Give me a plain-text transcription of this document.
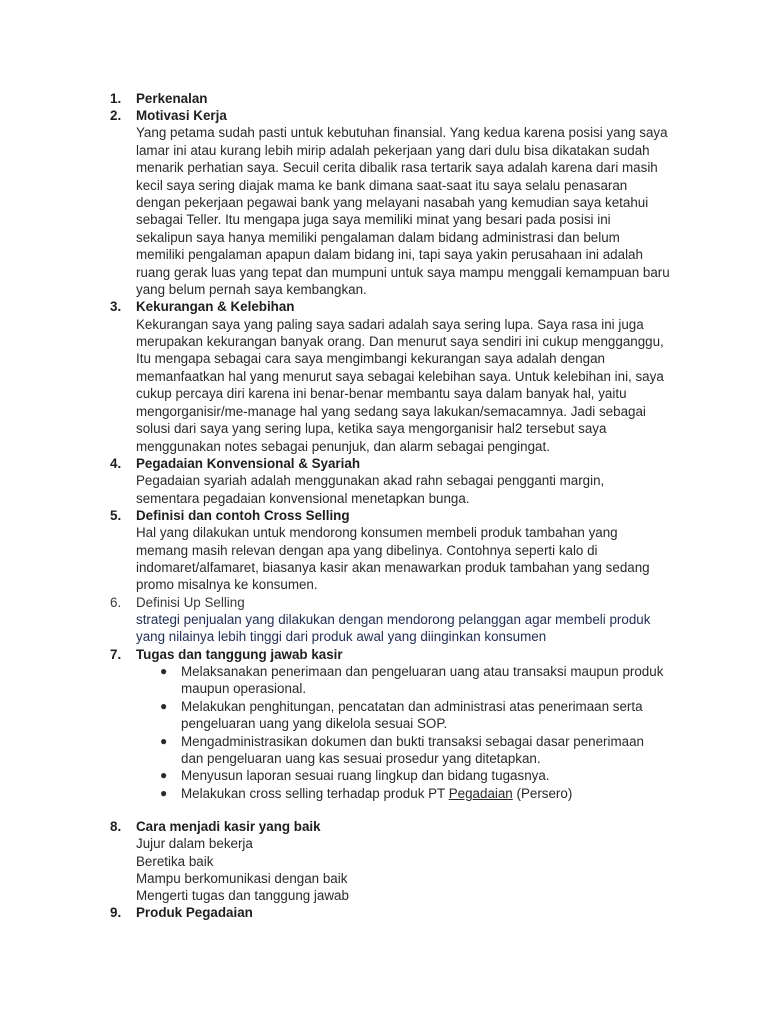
1.	Perkenalan
2.	Motivasi Kerja
Yang petama sudah pasti untuk kebutuhan finansial. Yang kedua karena posisi yang saya lamar ini atau kurang lebih mirip adalah pekerjaan yang dari dulu bisa dikatakan sudah menarik perhatian saya. Secuil cerita dibalik rasa tertarik saya adalah karena dari masih kecil saya sering diajak mama ke bank dimana saat-saat itu saya selalu penasaran dengan pekerjaan pegawai bank yang melayani nasabah yang kemudian saya ketahui sebagai Teller. Itu mengapa juga saya memiliki minat yang besari pada posisi ini sekalipun saya hanya memiliki pengalaman dalam bidang administrasi dan belum memiliki pengalaman apapun dalam bidang ini, tapi saya yakin perusahaan ini adalah ruang gerak luas yang tepat dan mumpuni untuk saya mampu menggali kemampuan baru yang belum pernah saya kembangkan.
3.	Kekurangan & Kelebihan
Kekurangan saya yang paling saya sadari adalah saya sering lupa. Saya rasa ini juga merupakan kekurangan banyak orang. Dan menurut saya sendiri ini cukup mengganggu, Itu mengapa sebagai cara saya mengimbangi kekurangan saya adalah dengan memanfaatkan hal yang menurut saya sebagai kelebihan saya. Untuk kelebihan ini, saya cukup percaya diri karena ini benar-benar membantu saya dalam banyak hal, yaitu mengorganisir/me-manage hal yang sedang saya lakukan/semacamnya. Jadi sebagai solusi dari saya yang sering lupa, ketika saya mengorganisir hal2 tersebut saya menggunakan notes sebagai penunjuk, dan alarm sebagai pengingat.
4.	Pegadaian Konvensional & Syariah
Pegadaian syariah adalah menggunakan akad rahn sebagai pengganti margin, sementara pegadaian konvensional menetapkan bunga.
5.	Definisi dan contoh Cross Selling
Hal yang dilakukan untuk mendorong konsumen membeli produk tambahan yang memang masih relevan dengan apa yang dibelinya. Contohnya seperti kalo di indomaret/alfamaret, biasanya kasir akan menawarkan produk tambahan yang sedang promo misalnya ke konsumen.
6.	Definisi Up Selling
strategi penjualan yang dilakukan dengan mendorong pelanggan agar membeli produk yang nilainya lebih tinggi dari produk awal yang diinginkan konsumen
7.	Tugas dan tanggung jawab kasir
● Melaksanakan penerimaan dan pengeluaran uang atau transaksi maupun produk maupun operasional.
● Melakukan penghitungan, pencatatan dan administrasi atas penerimaan serta pengeluaran uang yang dikelola sesuai SOP.
● Mengadministrasikan dokumen dan bukti transaksi sebagai dasar penerimaan dan pengeluaran uang kas sesuai prosedur yang ditetapkan.
● Menyusun laporan sesuai ruang lingkup dan bidang tugasnya.
● Melakukan cross selling terhadap produk PT Pegadaian (Persero)
8.	Cara menjadi kasir yang baik
Jujur dalam bekerja
Beretika baik
Mampu berkomunikasi dengan baik
Mengerti tugas dan tanggung jawab
9.	Produk Pegadaian
